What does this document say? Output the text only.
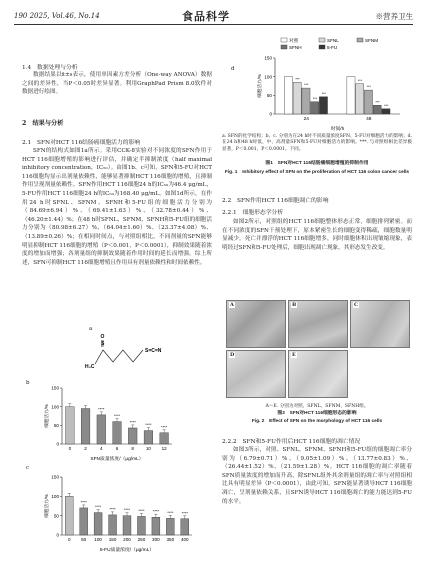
190 2025, Vol.46, No.14	食品科学	※营养卫生
1.4　数据处理与分析
数据结果以x̄±s表示，使用单因素方差分析（One-way ANOVA）数据之间的差异性，当P＜0.05时差异显著。利用GraphPad Prism 8.0软件对数据进行绘图。
2　结果与分析
2.1　SFN对HCT 116结肠癌细胞活力的影响
SFN的结构式如图1a所示。采用CCK-8实验对不同浓度的SFN作用于HCT 116细胞增殖的影响进行评估，并确定半抑制浓度（half maximal inhibitory concentration，IC₅₀）。由图1b、c可知，SFN和5-FU对HCT 116细胞均显示出剂量依赖性，能够显著抑制HCT 116细胞的增殖，且抑制作用呈现剂量依赖性。SFN作用HCT 116细胞24 h的IC₅₀为46.4 μg/mL，5-FU作用HCT 116细胞24 h的IC₅₀为168.40 μg/mL。如图1d所示，在作用24 h时SFNL、SFNM、SFNH和5-FU组的细胞活力分别为（84.69±6.94）%、（69.41±1.63）%、（32.78±0.44）%、（46.20±1.44）%；在48 h时SFNL、SFNM、SFNH和5-FU组的细胞活力分别为（80.98±6.27）%、（64.04±1.60）%、（23.37±4.08）%、（13.89±0.26）%；在相同时间点，与对照组相比，不同剂量的SFN能够明显抑制HCT 116细胞的增殖（P＜0.001，P＜0.0001），抑制效果随着浓度的增加而增强；各剂量组的抑制效果随着作用时间的延长而增强。综上所述，SFN可抑制HCT 116细胞增殖且作用具有剂量依赖性和时间依赖性。
a
H₃C
S
O
S=C=N
b
0
50
100
150
细胞活力/%
SFN质量浓度/（μg/mL）
0	2	4
****
6
****
8
****
10
****
12
****
c
0
50
100
150
细胞活力/%
5-FU质量浓度/（μg/mL）
0 50
****
100
****
150
****
200
****
250
****
300
****
350
****
400
****
d
0
50
100
150
细胞活力/%
时间/h
对照	SFNL	SFNM
SFNH	5-FU
***
***
***
***
24
***
***
***
***
48
a. SFN的化学结构；b、c. 分别为在24 h时不同质量浓度SFN、5-FU对细胞活力的影响；d. 在24 h和48 h时低、中、高剂量SFN和5-FU对细胞活力的影响。***. 与对照组相比差异极显著，P＜0.001，P＜0.0001。下同。
图1　SFN对HCT 116结肠癌细胞增殖的抑制作用
Fig. 1　Inhibitory effect of SFN on the proliferation of HCT 116 colon cancer cells
2.2　SFN作用HCT 116细胞凋亡的影响
2.2.1　细胞形态学分析
如图2所示，对照组的HCT 116细胞整体形态正常，细胞排列紧密。而在不同浓度的SFN干预处理下，原本紧密生长的细胞变得稀疏，细胞数量明显减少。死亡并漂浮的HCT 116细胞增多，同时细胞体积出现皱缩现象，表明经过SFN和5-FU处理后，细胞出现凋亡现象，其形态发生改变。
A	B	C
D	E
A～E. 分别为对照、SFNL、SFNM、SFNH组。
图2　SFN对HCT 116细胞形态的影响
Fig. 2　Effect of SFN on the morphology of HCT 116 cells
2.2.2　SFN和5-FU作用后HCT 116细胞的凋亡情况
如图3所示，对照、SFNL、SFNM、SFNH和5-FU组的细胞凋亡率分别为（6.79±0.71）%、（9.05±1.09）%、（13.77±0.83）%、（26.44±1.52）%、（21.59±1.28）%。HCT 116细胞的凋亡率随着SFN质量浓度的增加而升高，除SFNL组外其余剂量组的凋亡率与对照组相比具有明显差异（P＜0.0001），由此可知，SFN能显著诱导HCT 116细胞凋亡，呈剂量依赖关系，且SFN诱导HCT 116细胞凋亡的能力能达到5-FU的水平。
